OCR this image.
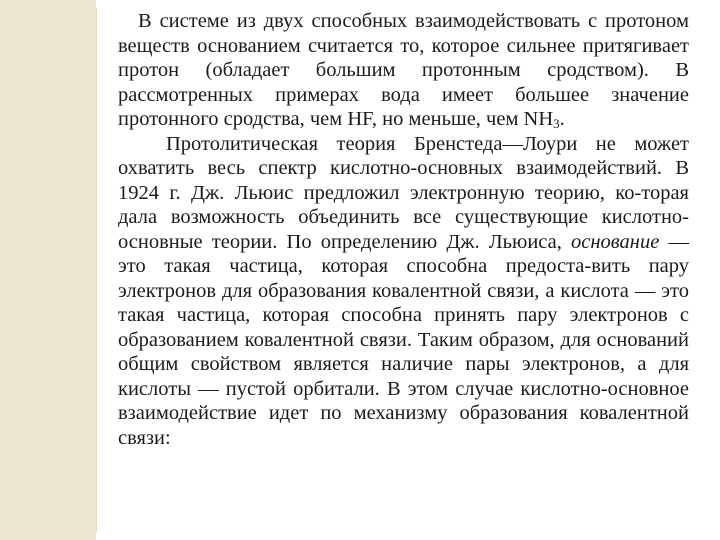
В системе из двух способных взаимодействовать с протоном веществ основанием считается то, которое сильнее притягивает протон (обладает большим протонным сродством). В рассмотренных примерах вода имеет большее значение протонного сродства, чем HF, но меньше, чем $NH_3$.

Протолитическая теория Бренстеда—Лоури не может охватить весь спектр кислотно-основных взаимодействий. В 1924 г. Дж. Льюис предложил электронную теорию, ко-торая дала возможность объединить все существующие кислотно-основные теории. По определению Дж. Льюиса, основание — это такая частица, которая способна предоста-вить пару электронов для образования ковалентной связи, а кислота — это такая частица, которая способна принять пару электронов с образованием ковалентной связи. Таким образом, для оснований общим свойством является наличие пары электронов, а для кислоты — пустой орбитали. В этом случае кислотно-основное взаимодействие идет по механизму образования ковалентной связи:
